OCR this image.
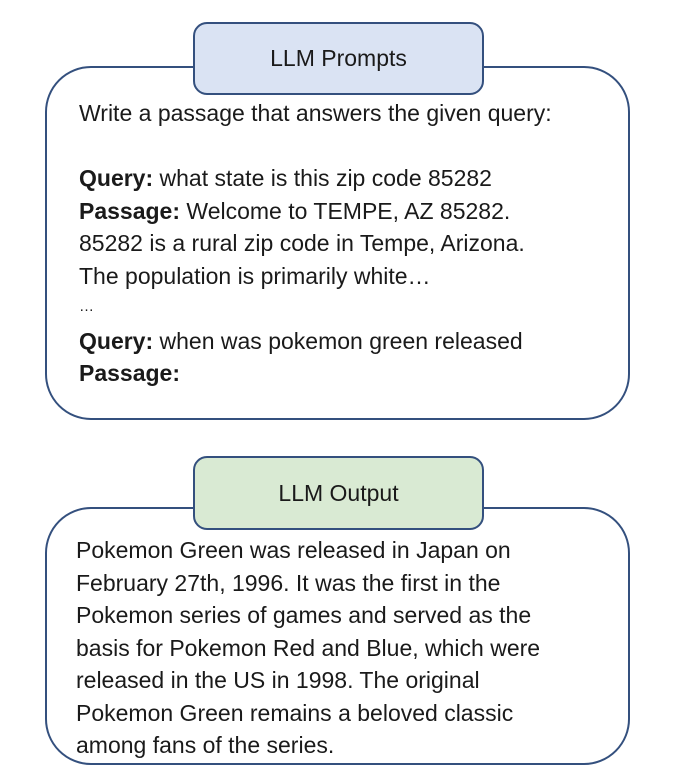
LLM Prompts
Write a passage that answers the given query:
Query: what state is this zip code 85282
Passage: Welcome to TEMPE, AZ 85282.
85282 is a rural zip code in Tempe, Arizona.
The population is primarily white…
…
Query: when was pokemon green released
Passage:
LLM Output
Pokemon Green was released in Japan on
February 27th, 1996. It was the first in the
Pokemon series of games and served as the
basis for Pokemon Red and Blue, which were
released in the US in 1998. The original
Pokemon Green remains a beloved classic
among fans of the series.
